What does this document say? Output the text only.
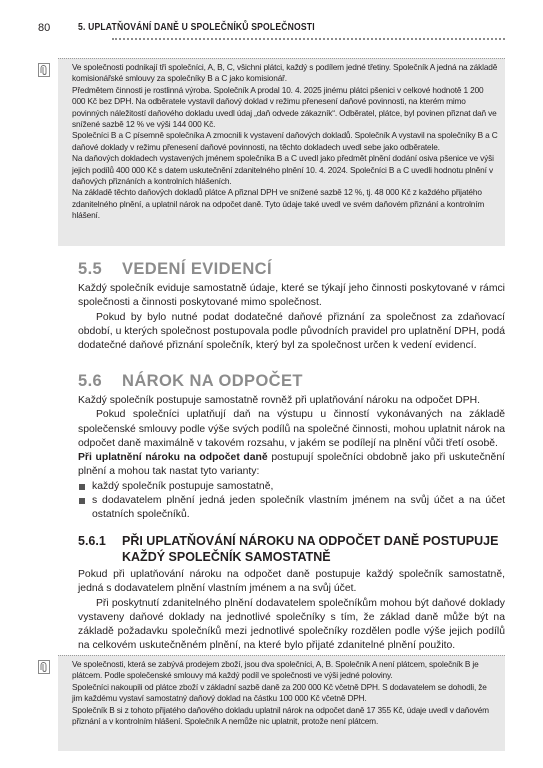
80	5. UPLATŇOVÁNÍ DANĚ U SPOLEČNÍKŮ SPOLEČNOSTI

Ve společnosti podnikají tři společníci, A, B, C, všichni plátci, každý s podílem jedné třetiny. Společník A jedná na základě komisionářské smlouvy za společníky B a C jako komisionář.

Předmětem činnosti je rostlinná výroba. Společník A prodal 10. 4. 2025 jinému plátci pšenici v celkové hodnotě 1 200 000 Kč bez DPH. Na odběratele vystavil daňový doklad v režimu přenesení daňové povinnosti, na kterém mimo povinných náležitostí daňového dokladu uvedl údaj „daň odvede zákazník“. Odběratel, plátce, byl povinen přiznat daň ve snížené sazbě 12 % ve výši 144 000 Kč.

Společníci B a C písemně společníka A zmocnili k vystavení daňových dokladů. Společník A vystavil na společníky B a C daňové doklady v režimu přenesení daňové povinnosti, na těchto dokladech uvedl sebe jako odběratele.

Na daňových dokladech vystavených jménem společníka B a C uvedl jako předmět plnění dodání osiva pšenice ve výši jejich podílů 400 000 Kč s datem uskutečnění zdanitelného plnění 10. 4. 2024. Společníci B a C uvedli hodnotu plnění v daňových přiznáních a kontrolních hlášeních.

Na základě těchto daňových dokladů plátce A přiznal DPH ve snížené sazbě 12 %, tj. 48 000 Kč z každého přijatého zdanitelného plnění, a uplatnil nárok na odpočet daně. Tyto údaje také uvedl ve svém daňovém přiznání a kontrolním hlášení.

5.5 VEDENÍ EVIDENCÍ

Každý společník eviduje samostatně údaje, které se týkají jeho činnosti poskytované v rámci společnosti a činnosti poskytované mimo společnost.

Pokud by bylo nutné podat dodatečné daňové přiznání za společnost za zdaňovací období, u kterých společnost postupovala podle původních pravidel pro uplatnění DPH, podá dodatečné daňové přiznání společník, který byl za společnost určen k vedení evidencí.

5.6 NÁROK NA ODPOČET

Každý společník postupuje samostatně rovněž při uplatňování nároku na odpočet DPH.

Pokud společníci uplatňují daň na výstupu u činností vykonávaných na základě společenské smlouvy podle výše svých podílů na společné činnosti, mohou uplatnit nárok na odpočet daně maximálně v takovém rozsahu, v jakém se podílejí na plnění vůči třetí osobě.

Při uplatnění nároku na odpočet daně postupují společníci obdobně jako při uskutečnění plnění a mohou tak nastat tyto varianty:

každý společník postupuje samostatně,
s dodavatelem plnění jedná jeden společník vlastním jménem na svůj účet a na účet ostatních společníků.
5.6.1	PŘI UPLATŇOVÁNÍ NÁROKU NA ODPOČET DANĚ POSTUPUJE KAŽDÝ SPOLEČNÍK SAMOSTATNĚ

Pokud při uplatňování nároku na odpočet daně postupuje každý společník samostatně, jedná s dodavatelem plnění vlastním jménem a na svůj účet.

Při poskytnutí zdanitelného plnění dodavatelem společníkům mohou být daňové doklady vystaveny daňové doklady na jednotlivé společníky s tím, že základ daně může být na základě požadavku společníků mezi jednotlivé společníky rozdělen podle výše jejich podílů na celkovém uskutečněném plnění, na které bylo přijaté zdanitelné plnění použito.

Ve společnosti, která se zabývá prodejem zboží, jsou dva společníci, A, B. Společník A není plátcem, společník B je plátcem. Podle společenské smlouvy má každý podíl ve společnosti ve výši jedné poloviny.

Společníci nakoupili od plátce zboží v základní sazbě daně za 200 000 Kč včetně DPH. S dodavatelem se dohodli, že jim každému vystaví samostatný daňový doklad na částku 100 000 Kč včetně DPH.

Společník B si z tohoto přijatého daňového dokladu uplatnil nárok na odpočet daně 17 355 Kč, údaje uvedl v daňovém přiznání a v kontrolním hlášení. Společník A nemůže nic uplatnit, protože není plátcem.
